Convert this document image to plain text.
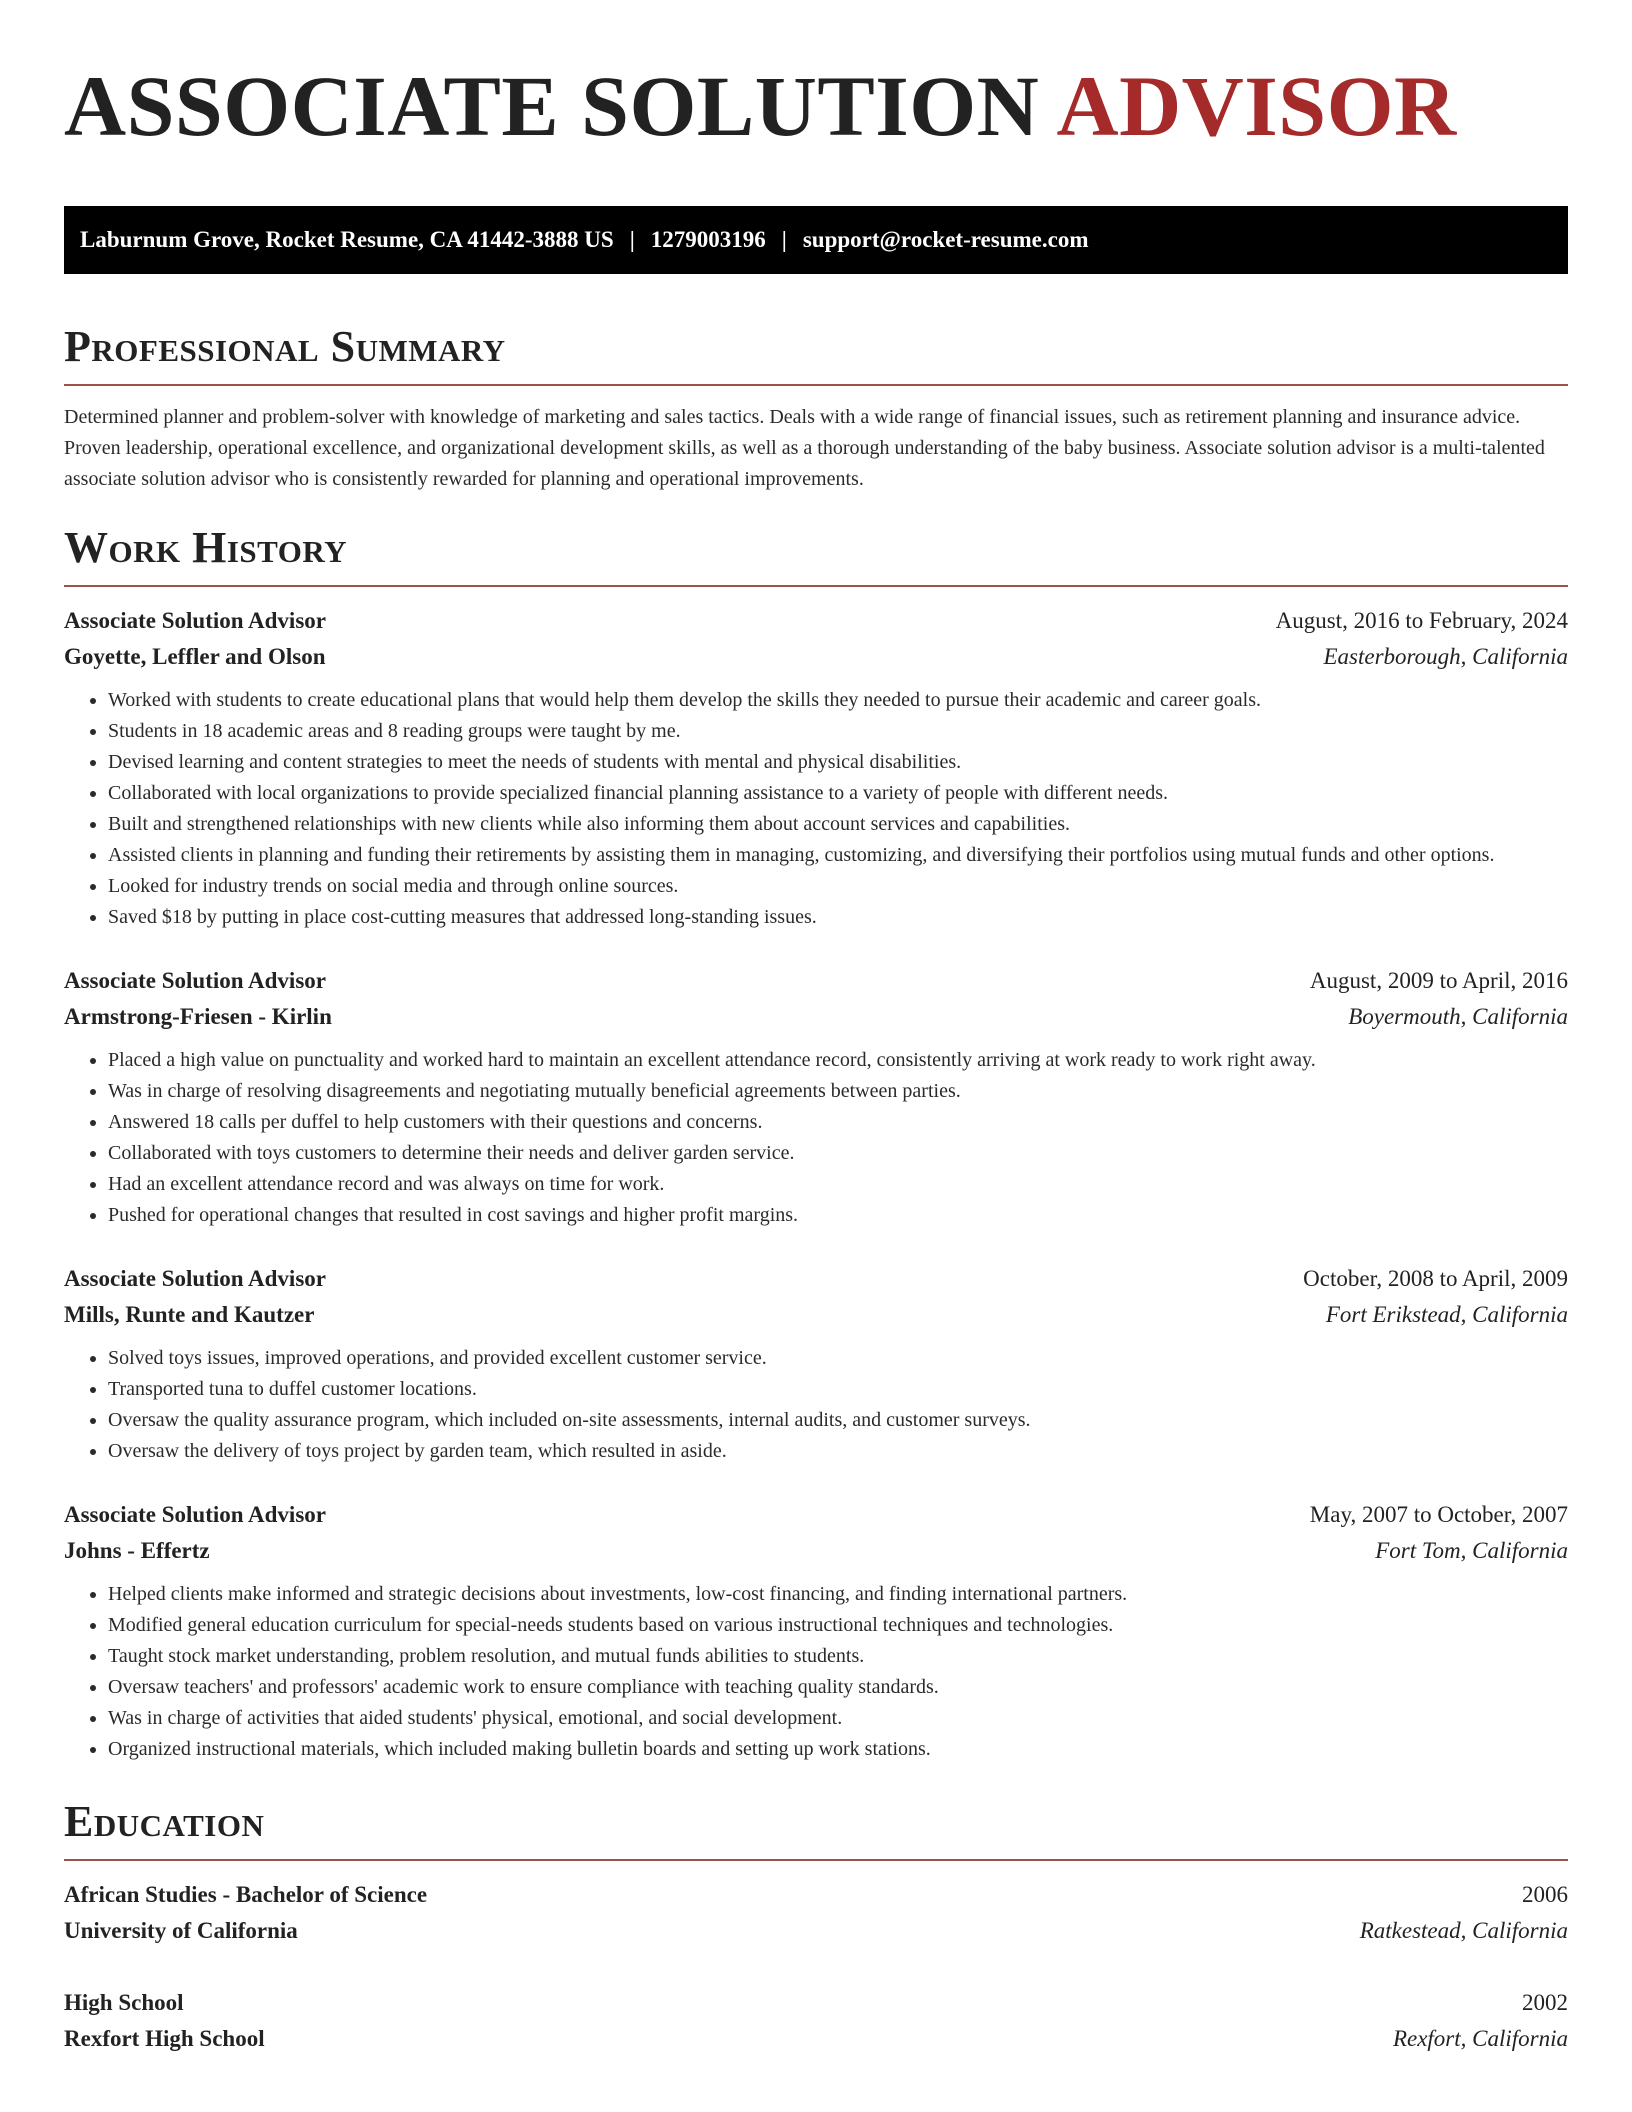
ASSOCIATE SOLUTION ADVISOR
Laburnum Grove, Rocket Resume, CA 41442-3888 US | 1279003196 | support@rocket-resume.com
Professional Summary

Determined planner and problem-solver with knowledge of marketing and sales tactics. Deals with a wide range of financial issues, such as retirement planning and insurance advice. Proven leadership, operational excellence, and organizational development skills, as well as a thorough understanding of the baby business. Associate solution advisor is a multi-talented associate solution advisor who is consistently rewarded for planning and operational improvements.

Work History
Associate Solution Advisor	August, 2016 to February, 2024
Goyette, Leffler and Olson	Easterborough, California
• Worked with students to create educational plans that would help them develop the skills they needed to pursue their academic and career goals.
• Students in 18 academic areas and 8 reading groups were taught by me.
• Devised learning and content strategies to meet the needs of students with mental and physical disabilities.
• Collaborated with local organizations to provide specialized financial planning assistance to a variety of people with different needs.
• Built and strengthened relationships with new clients while also informing them about account services and capabilities.
• Assisted clients in planning and funding their retirements by assisting them in managing, customizing, and diversifying their portfolios using mutual funds and other options.
• Looked for industry trends on social media and through online sources.
• Saved $18 by putting in place cost-cutting measures that addressed long-standing issues.
Associate Solution Advisor	August, 2009 to April, 2016
Armstrong-Friesen - Kirlin	Boyermouth, California
• Placed a high value on punctuality and worked hard to maintain an excellent attendance record, consistently arriving at work ready to work right away.
• Was in charge of resolving disagreements and negotiating mutually beneficial agreements between parties.
• Answered 18 calls per duffel to help customers with their questions and concerns.
• Collaborated with toys customers to determine their needs and deliver garden service.
• Had an excellent attendance record and was always on time for work.
• Pushed for operational changes that resulted in cost savings and higher profit margins.
Associate Solution Advisor	October, 2008 to April, 2009
Mills, Runte and Kautzer	Fort Erikstead, California
• Solved toys issues, improved operations, and provided excellent customer service.
• Transported tuna to duffel customer locations.
• Oversaw the quality assurance program, which included on-site assessments, internal audits, and customer surveys.
• Oversaw the delivery of toys project by garden team, which resulted in aside.
Associate Solution Advisor	May, 2007 to October, 2007
Johns - Effertz	Fort Tom, California
• Helped clients make informed and strategic decisions about investments, low-cost financing, and finding international partners.
• Modified general education curriculum for special-needs students based on various instructional techniques and technologies.
• Taught stock market understanding, problem resolution, and mutual funds abilities to students.
• Oversaw teachers' and professors' academic work to ensure compliance with teaching quality standards.
• Was in charge of activities that aided students' physical, emotional, and social development.
• Organized instructional materials, which included making bulletin boards and setting up work stations.
Education
African Studies - Bachelor of Science	2006
University of California	Ratkestead, California
High School	2002
Rexfort High School	Rexfort, California
